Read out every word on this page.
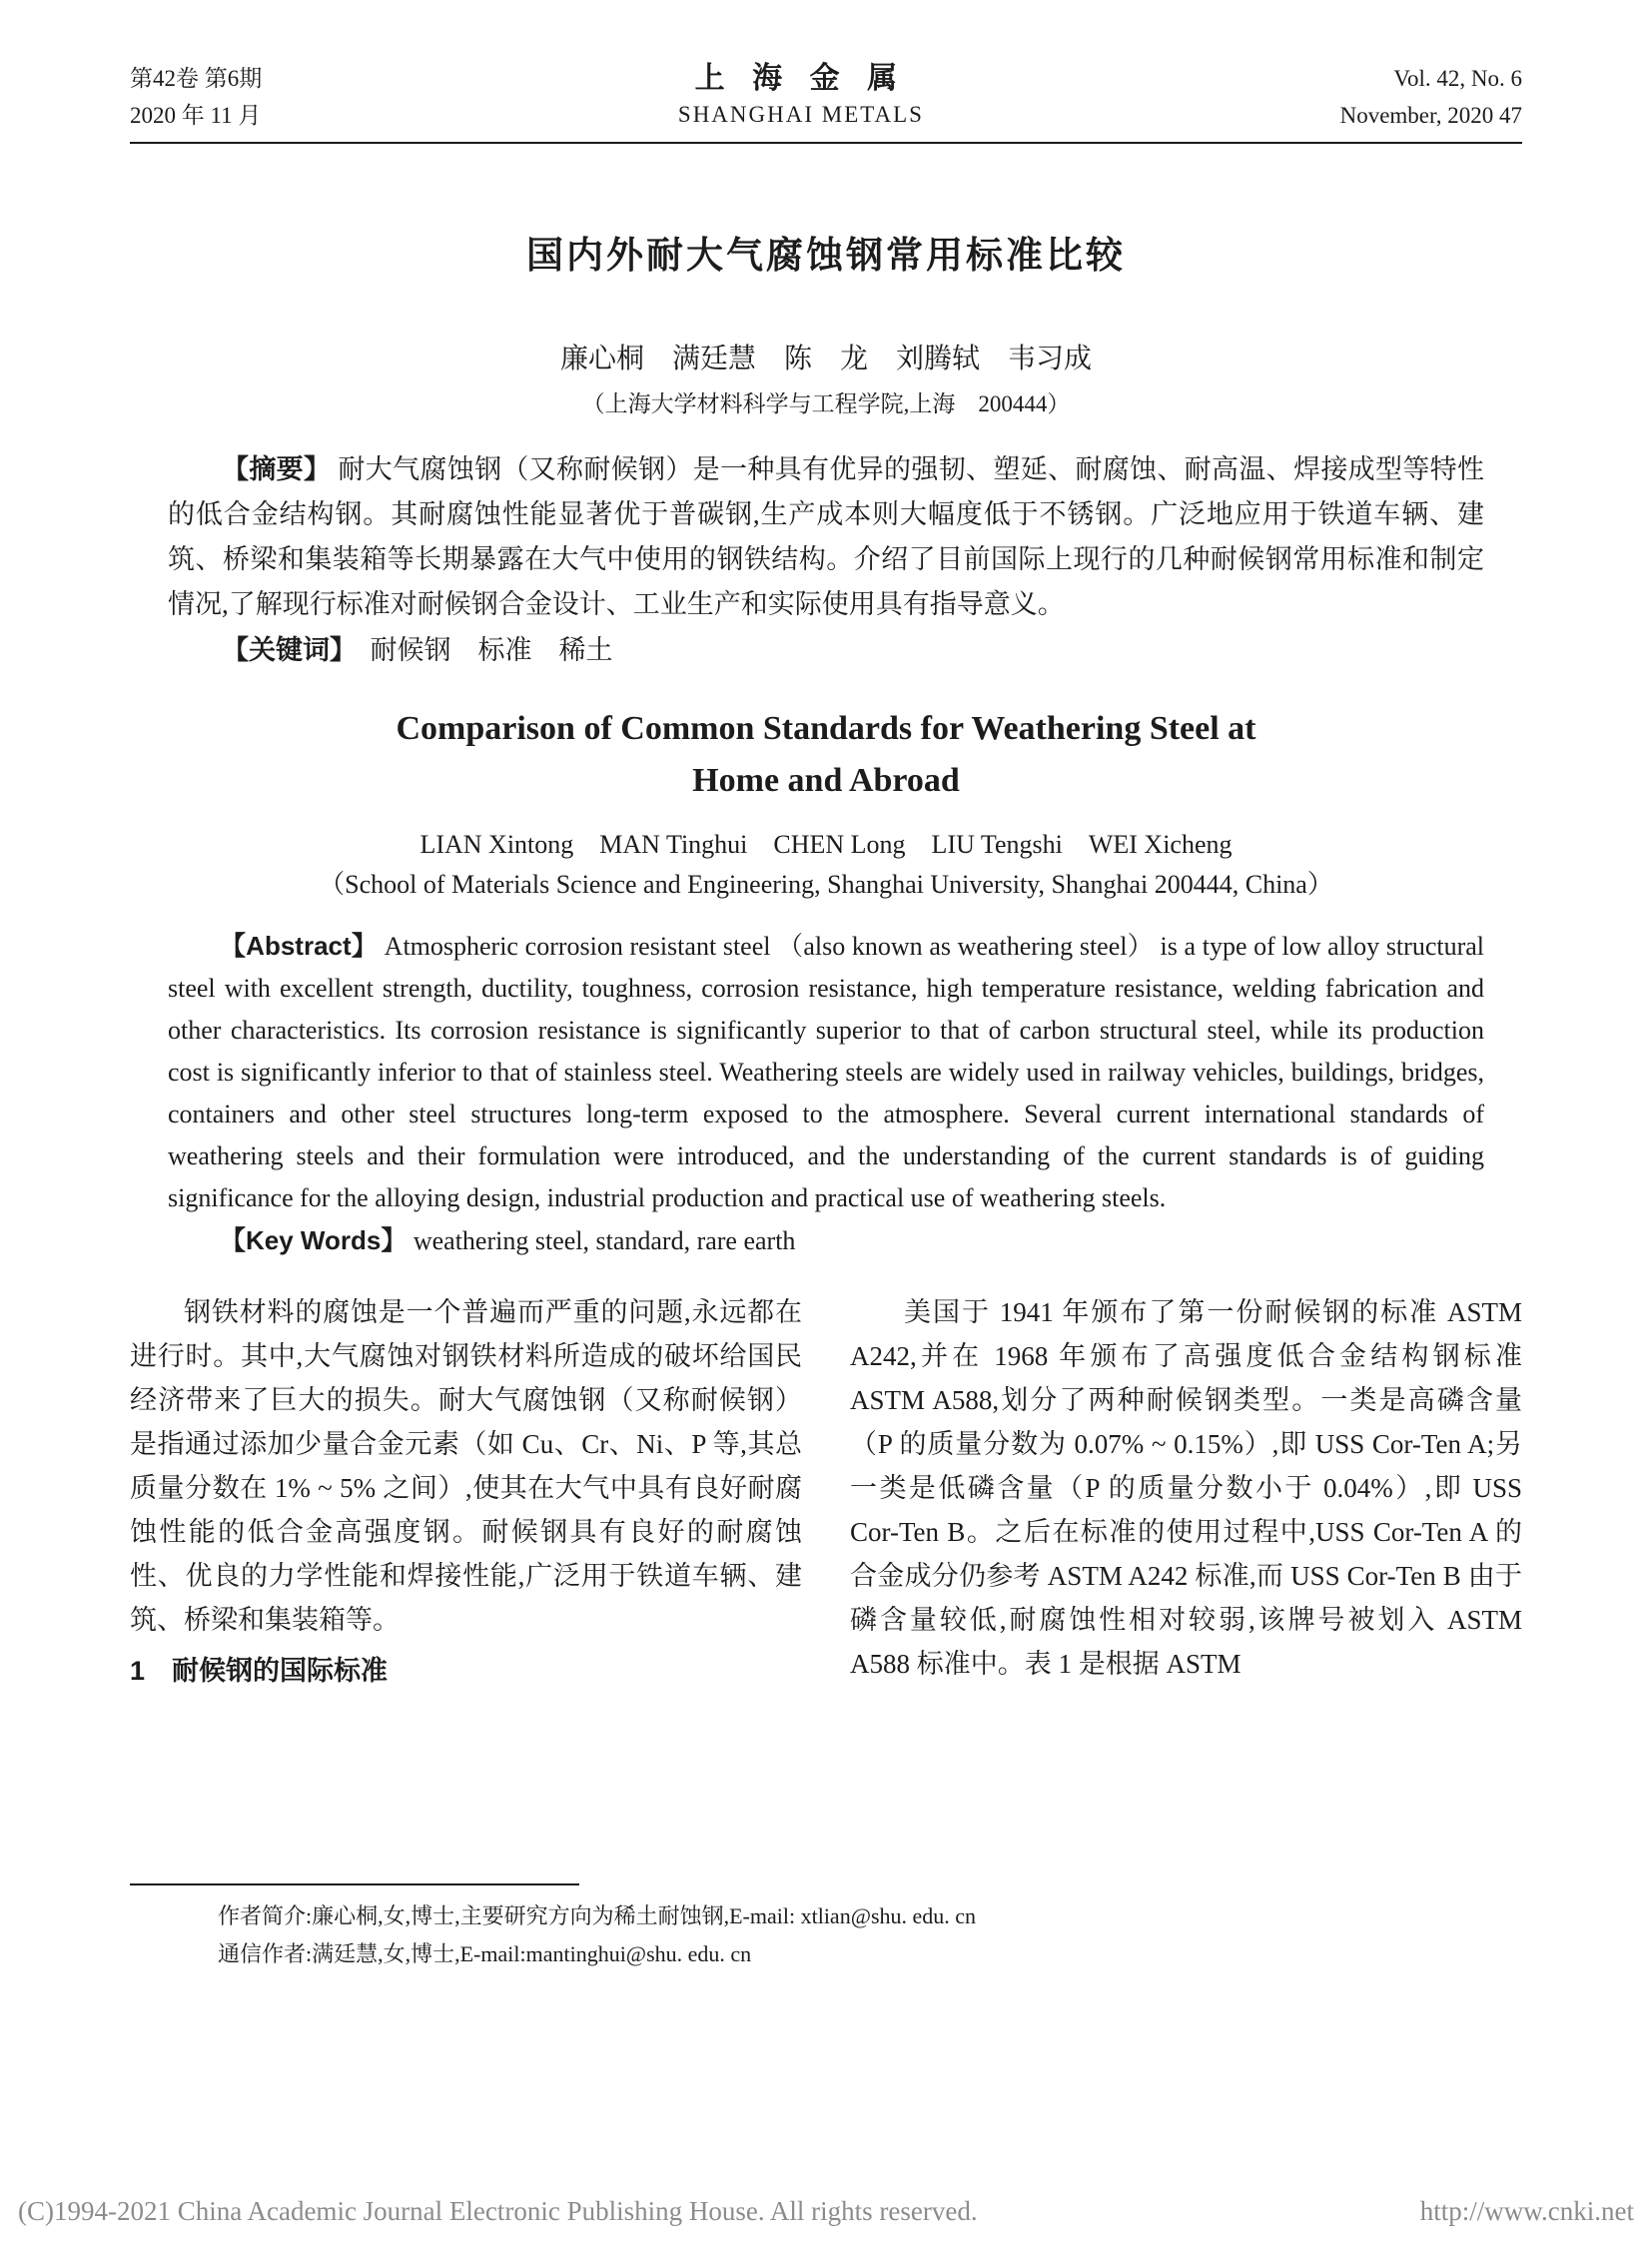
第42卷 第6期
2020 年 11 月
上 海 金 属
SHANGHAI METALS
Vol. 42, No. 6
November, 2020 47
国内外耐大气腐蚀钢常用标准比较
廉心桐　满廷慧　陈　龙　刘腾轼　韦习成
（上海大学材料科学与工程学院,上海　200444）

【摘要】 耐大气腐蚀钢（又称耐候钢）是一种具有优异的强韧、塑延、耐腐蚀、耐高温、焊接成型等特性的低合金结构钢。其耐腐蚀性能显著优于普碳钢,生产成本则大幅度低于不锈钢。广泛地应用于铁道车辆、建筑、桥梁和集装箱等长期暴露在大气中使用的钢铁结构。介绍了目前国际上现行的几种耐候钢常用标准和制定情况,了解现行标准对耐候钢合金设计、工业生产和实际使用具有指导意义。

【关键词】　耐候钢　标准　稀土

Comparison of Common Standards for Weathering Steel at
Home and Abroad
LIAN Xintong　MAN Tinghui　CHEN Long　LIU Tengshi　WEI Xicheng
（School of Materials Science and Engineering, Shanghai University, Shanghai 200444, China）

【Abstract】 Atmospheric corrosion resistant steel （also known as weathering steel） is a type of low alloy structural steel with excellent strength, ductility, toughness, corrosion resistance, high temperature resistance, welding fabrication and other characteristics. Its corrosion resistance is significantly superior to that of carbon structural steel, while its production cost is significantly inferior to that of stainless steel. Weathering steels are widely used in railway vehicles, buildings, bridges, containers and other steel structures long-term exposed to the atmosphere. Several current international standards of weathering steels and their formulation were introduced, and the understanding of the current standards is of guiding significance for the alloying design, industrial production and practical use of weathering steels.

【Key Words】 weathering steel, standard, rare earth

钢铁材料的腐蚀是一个普遍而严重的问题,永远都在进行时。其中,大气腐蚀对钢铁材料所造成的破坏给国民经济带来了巨大的损失。耐大气腐蚀钢（又称耐候钢）是指通过添加少量合金元素（如 Cu、Cr、Ni、P 等,其总质量分数在 1% ~ 5% 之间）,使其在大气中具有良好耐腐蚀性能的低合金高强度钢。耐候钢具有良好的耐腐蚀性、优良的力学性能和焊接性能,广泛用于铁道车辆、建筑、桥梁和集装箱等。

1　耐候钢的国际标准

美国于 1941 年颁布了第一份耐候钢的标准 ASTM A242,并在 1968 年颁布了高强度低合金结构钢标准 ASTM A588,划分了两种耐候钢类型。一类是高磷含量（P 的质量分数为 0.07% ~ 0.15%）,即 USS Cor-Ten A;另一类是低磷含量（P 的质量分数小于 0.04%）,即 USS Cor-Ten B。之后在标准的使用过程中,USS Cor-Ten A 的合金成分仍参考 ASTM A242 标准,而 USS Cor-Ten B 由于磷含量较低,耐腐蚀性相对较弱,该牌号被划入 ASTM A588 标准中。表 1 是根据 ASTM

作者简介:廉心桐,女,博士,主要研究方向为稀土耐蚀钢,E-mail: xtlian@shu. edu. cn
通信作者:满廷慧,女,博士,E-mail:mantinghui@shu. edu. cn
(C)1994-2021 China Academic Journal Electronic Publishing House. All rights reserved.	http://www.cnki.net
